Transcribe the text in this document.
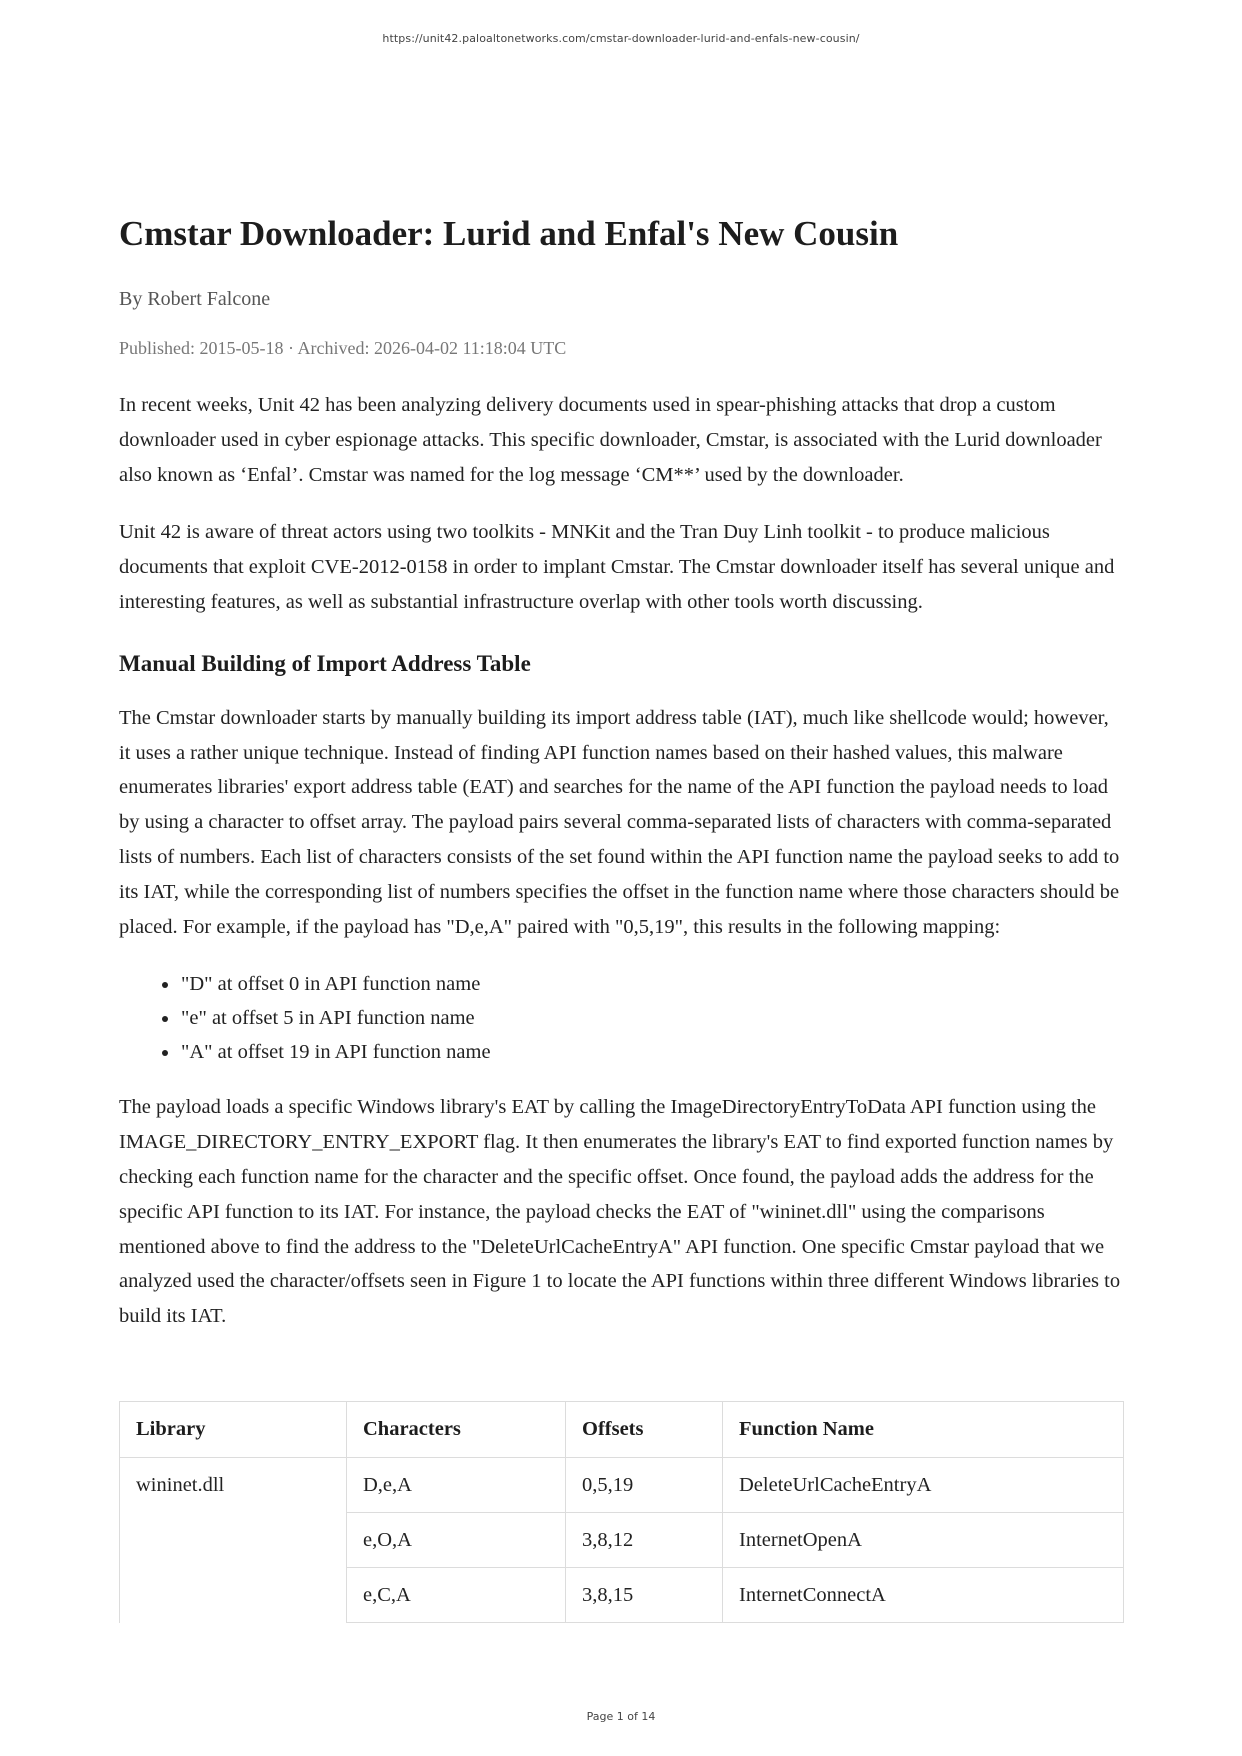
https://unit42.paloaltonetworks.com/cmstar-downloader-lurid-and-enfals-new-cousin/
Cmstar Downloader: Lurid and Enfal's New Cousin
By Robert Falcone
Published: 2015-05-18 · Archived: 2026-04-02 11:18:04 UTC

In recent weeks, Unit 42 has been analyzing delivery documents used in spear-phishing attacks that drop a custom downloader used in cyber espionage attacks. This specific downloader, Cmstar, is associated with the Lurid downloader also known as ‘Enfal’. Cmstar was named for the log message ‘CM**’ used by the downloader.

Unit 42 is aware of threat actors using two toolkits - MNKit and the Tran Duy Linh toolkit - to produce malicious documents that exploit CVE-2012-0158 in order to implant Cmstar. The Cmstar downloader itself has several unique and interesting features, as well as substantial infrastructure overlap with other tools worth discussing.

Manual Building of Import Address Table

The Cmstar downloader starts by manually building its import address table (IAT), much like shellcode would; however, it uses a rather unique technique. Instead of finding API function names based on their hashed values, this malware enumerates libraries' export address table (EAT) and searches for the name of the API function the payload needs to load by using a character to offset array. The payload pairs several comma-separated lists of characters with comma-separated lists of numbers. Each list of characters consists of the set found within the API function name the payload seeks to add to its IAT, while the corresponding list of numbers specifies the offset in the function name where those characters should be placed. For example, if the payload has "D,e,A" paired with "0,5,19", this results in the following mapping:

"D" at offset 0 in API function name
"e" at offset 5 in API function name
"A" at offset 19 in API function name

The payload loads a specific Windows library's EAT by calling the ImageDirectoryEntryToData API function using the IMAGE_DIRECTORY_ENTRY_EXPORT flag. It then enumerates the library's EAT to find exported function names by checking each function name for the character and the specific offset. Once found, the payload adds the address for the specific API function to its IAT. For instance, the payload checks the EAT of "wininet.dll" using the comparisons mentioned above to find the address to the "DeleteUrlCacheEntryA" API function. One specific Cmstar payload that we analyzed used the character/offsets seen in Figure 1 to locate the API functions within three different Windows libraries to build its IAT.

Library	Characters	Offsets	Function Name
wininet.dll	D,e,A	0,5,19	DeleteUrlCacheEntryA
	e,O,A	3,8,12	InternetOpenA
	e,C,A	3,8,15	InternetConnectA
Page 1 of 14
